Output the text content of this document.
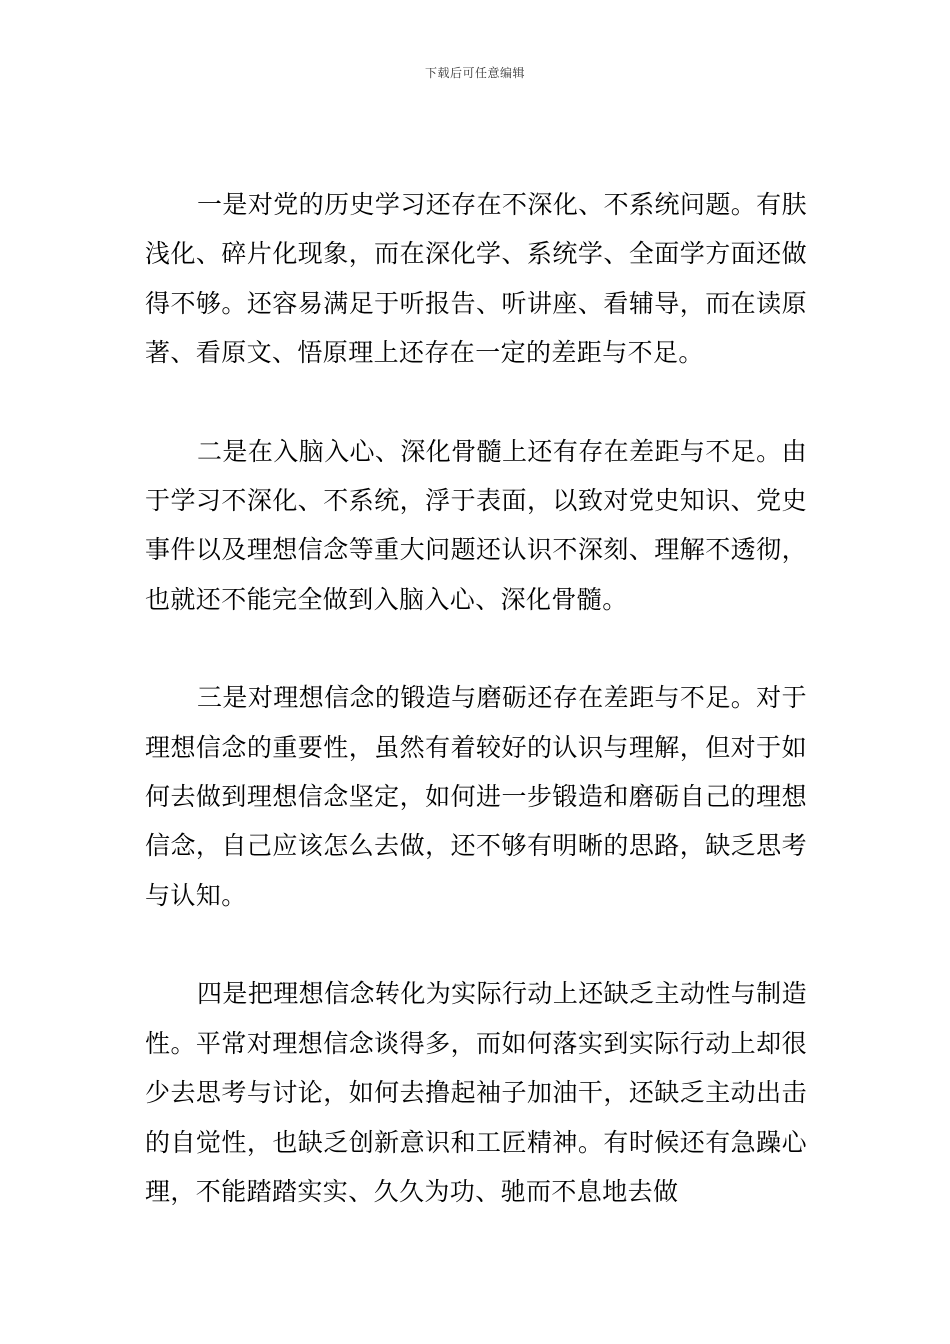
下载后可任意编辑

一是对党的历史学习还存在不深化、不系统问题。有肤浅化、碎片化现象，而在深化学、系统学、全面学方面还做得不够。还容易满足于听报告、听讲座、看辅导，而在读原著、看原文、悟原理上还存在一定的差距与不足。

二是在入脑入心、深化骨髓上还有存在差距与不足。由于学习不深化、不系统，浮于表面，以致对党史知识、党史事件以及理想信念等重大问题还认识不深刻、理解不透彻，也就还不能完全做到入脑入心、深化骨髓。

三是对理想信念的锻造与磨砺还存在差距与不足。对于理想信念的重要性，虽然有着较好的认识与理解，但对于如何去做到理想信念坚定，如何进一步锻造和磨砺自己的理想信念，自己应该怎么去做，还不够有明晰的思路，缺乏思考与认知。

四是把理想信念转化为实际行动上还缺乏主动性与制造性。平常对理想信念谈得多，而如何落实到实际行动上却很少去思考与讨论，如何去撸起袖子加油干，还缺乏主动出击的自觉性，也缺乏创新意识和工匠精神。有时候还有急躁心理，不能踏踏实实、久久为功、驰而不息地去做
